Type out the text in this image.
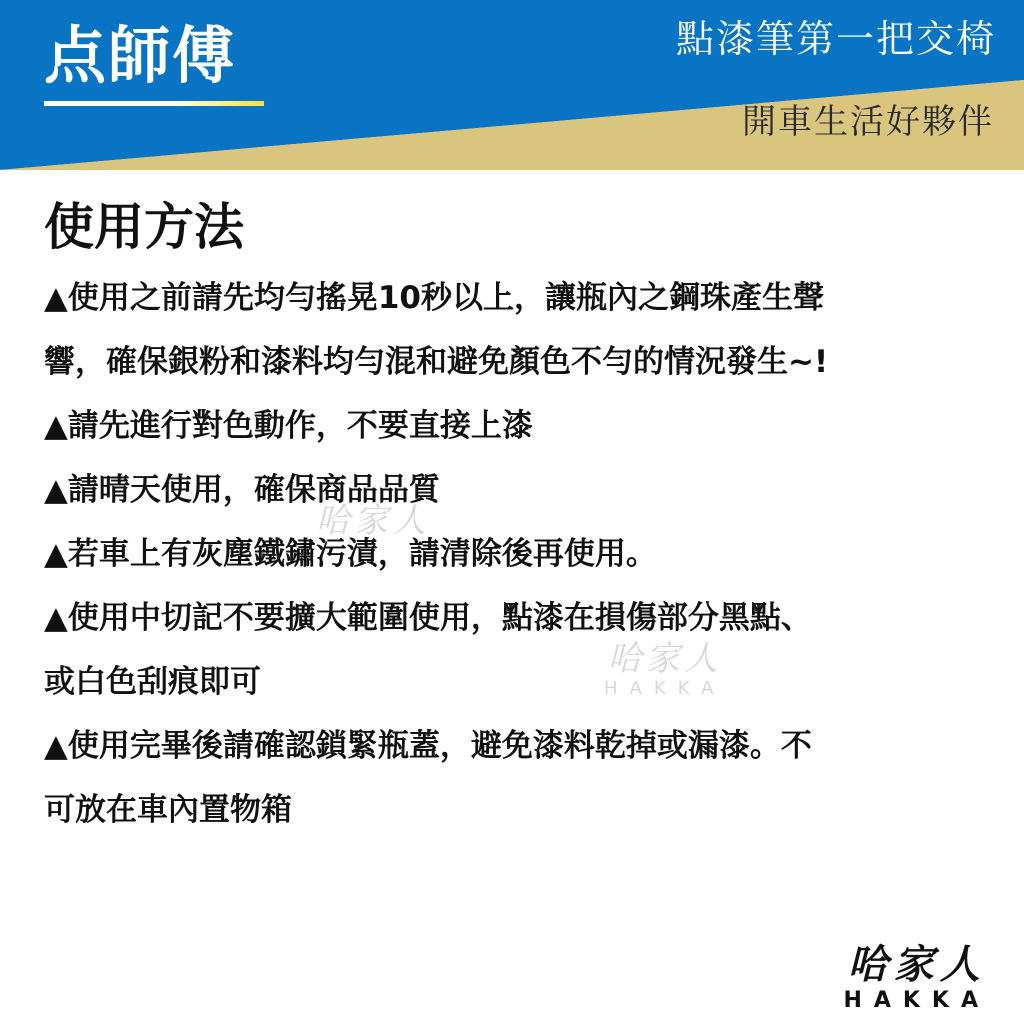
点師傅	點漆筆第一把交椅
開車生活好夥伴
使用方法
▲使用之前請先均勻搖晃10秒以上，讓瓶內之鋼珠產生聲
響，確保銀粉和漆料均勻混和避免顏色不勻的情況發生~!
▲請先進行對色動作，不要直接上漆
▲請晴天使用，確保商品品質
▲若車上有灰塵鐵鏽污漬，請清除後再使用。
▲使用中切記不要擴大範圍使用，點漆在損傷部分黑點、
或白色刮痕即可
▲使用完畢後請確認鎖緊瓶蓋，避免漆料乾掉或漏漆。不
可放在車內置物箱
哈家人
哈家人
HAKKA
哈家人
HAKKA
